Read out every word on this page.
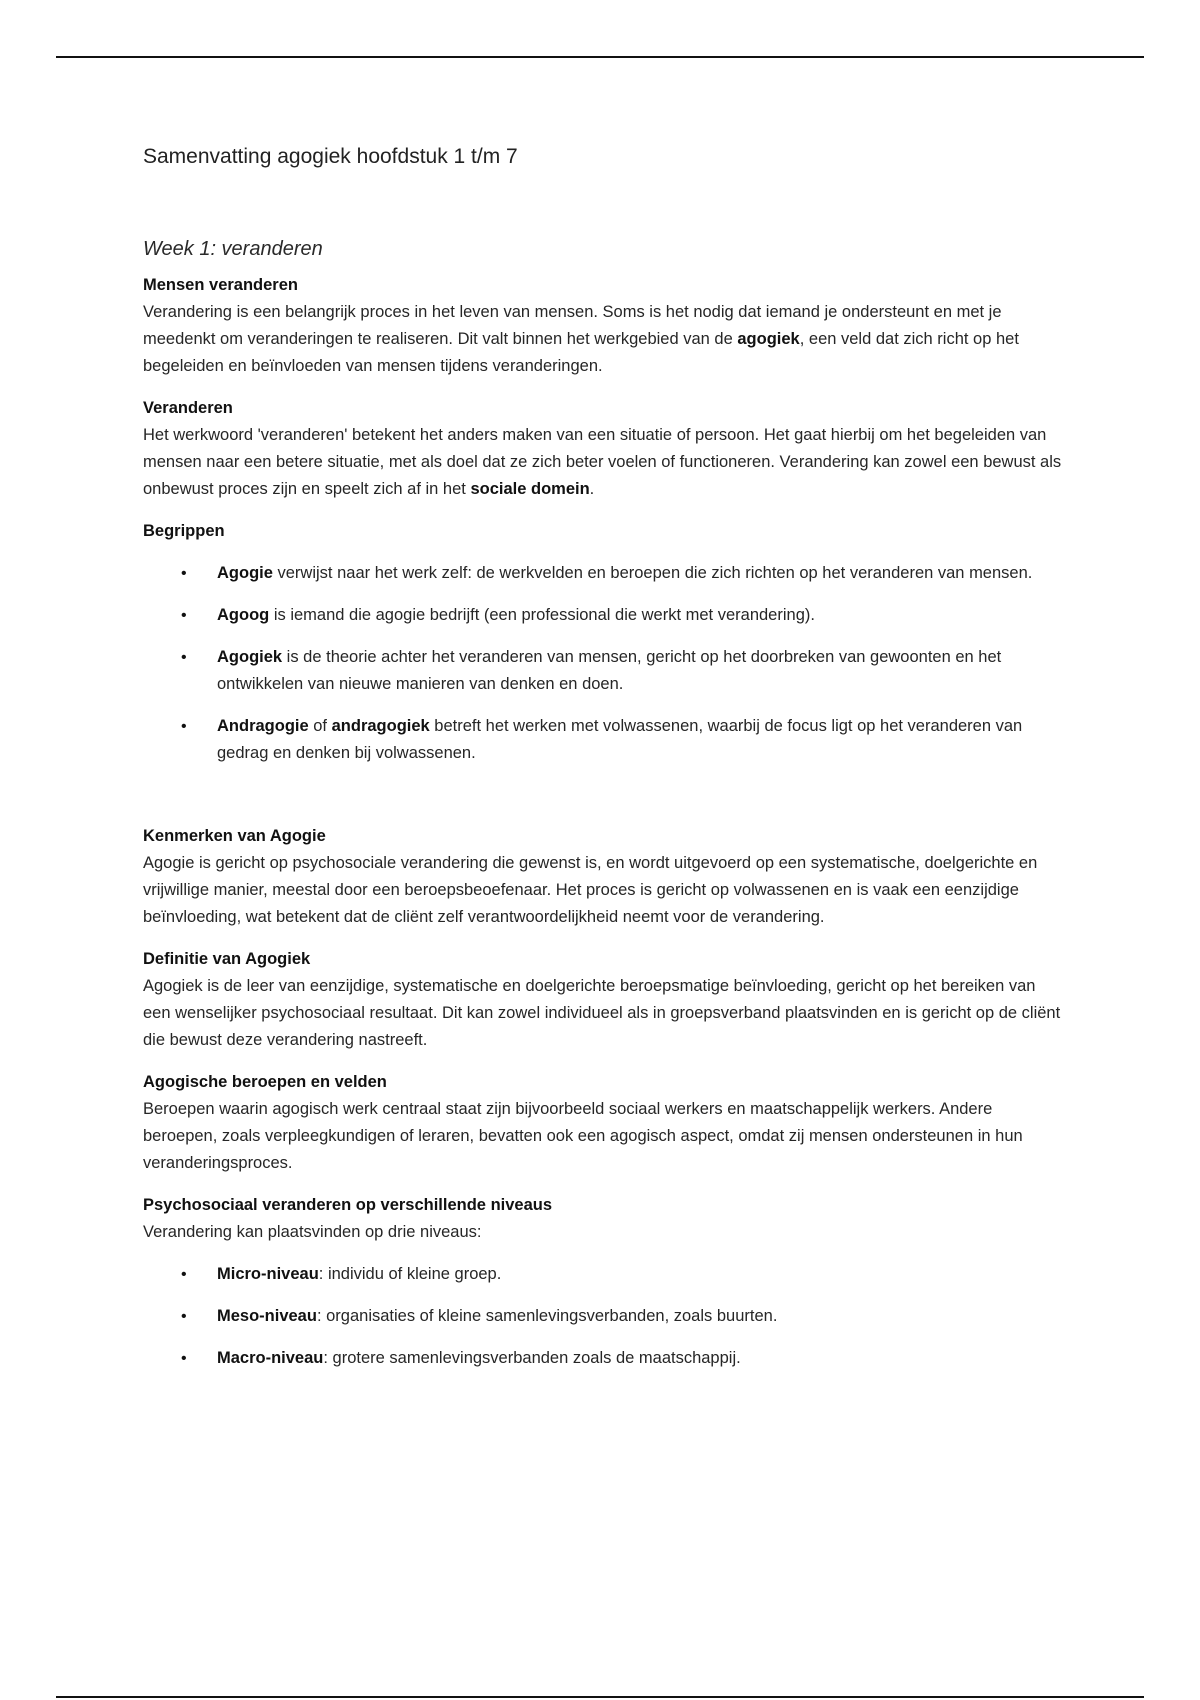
Samenvatting agogiek hoofdstuk 1 t/m 7
Week 1: veranderen

Mensen veranderen

Verandering is een belangrijk proces in het leven van mensen. Soms is het nodig dat iemand je ondersteunt en met je meedenkt om veranderingen te realiseren. Dit valt binnen het werkgebied van de agogiek, een veld dat zich richt op het begeleiden en beïnvloeden van mensen tijdens veranderingen.

Veranderen

Het werkwoord 'veranderen' betekent het anders maken van een situatie of persoon. Het gaat hierbij om het begeleiden van mensen naar een betere situatie, met als doel dat ze zich beter voelen of functioneren. Verandering kan zowel een bewust als onbewust proces zijn en speelt zich af in het sociale domein.

Begrippen

• Agogie verwijst naar het werk zelf: de werkvelden en beroepen die zich richten op het veranderen van mensen.
• Agoog is iemand die agogie bedrijft (een professional die werkt met verandering).
• Agogiek is de theorie achter het veranderen van mensen, gericht op het doorbreken van gewoonten en het ontwikkelen van nieuwe manieren van denken en doen.
• Andragogie of andragogiek betreft het werken met volwassenen, waarbij de focus ligt op het veranderen van gedrag en denken bij volwassenen.

Kenmerken van Agogie

Agogie is gericht op psychosociale verandering die gewenst is, en wordt uitgevoerd op een systematische, doelgerichte en vrijwillige manier, meestal door een beroepsbeoefenaar. Het proces is gericht op volwassenen en is vaak een eenzijdige beïnvloeding, wat betekent dat de cliënt zelf verantwoordelijkheid neemt voor de verandering.

Definitie van Agogiek

Agogiek is de leer van eenzijdige, systematische en doelgerichte beroepsmatige beïnvloeding, gericht op het bereiken van een wenselijker psychosociaal resultaat. Dit kan zowel individueel als in groepsverband plaatsvinden en is gericht op de cliënt die bewust deze verandering nastreeft.

Agogische beroepen en velden

Beroepen waarin agogisch werk centraal staat zijn bijvoorbeeld sociaal werkers en maatschappelijk werkers. Andere beroepen, zoals verpleegkundigen of leraren, bevatten ook een agogisch aspect, omdat zij mensen ondersteunen in hun veranderingsproces.

Psychosociaal veranderen op verschillende niveaus

Verandering kan plaatsvinden op drie niveaus:

• Micro-niveau: individu of kleine groep.
• Meso-niveau: organisaties of kleine samenlevingsverbanden, zoals buurten.
• Macro-niveau: grotere samenlevingsverbanden zoals de maatschappij.
